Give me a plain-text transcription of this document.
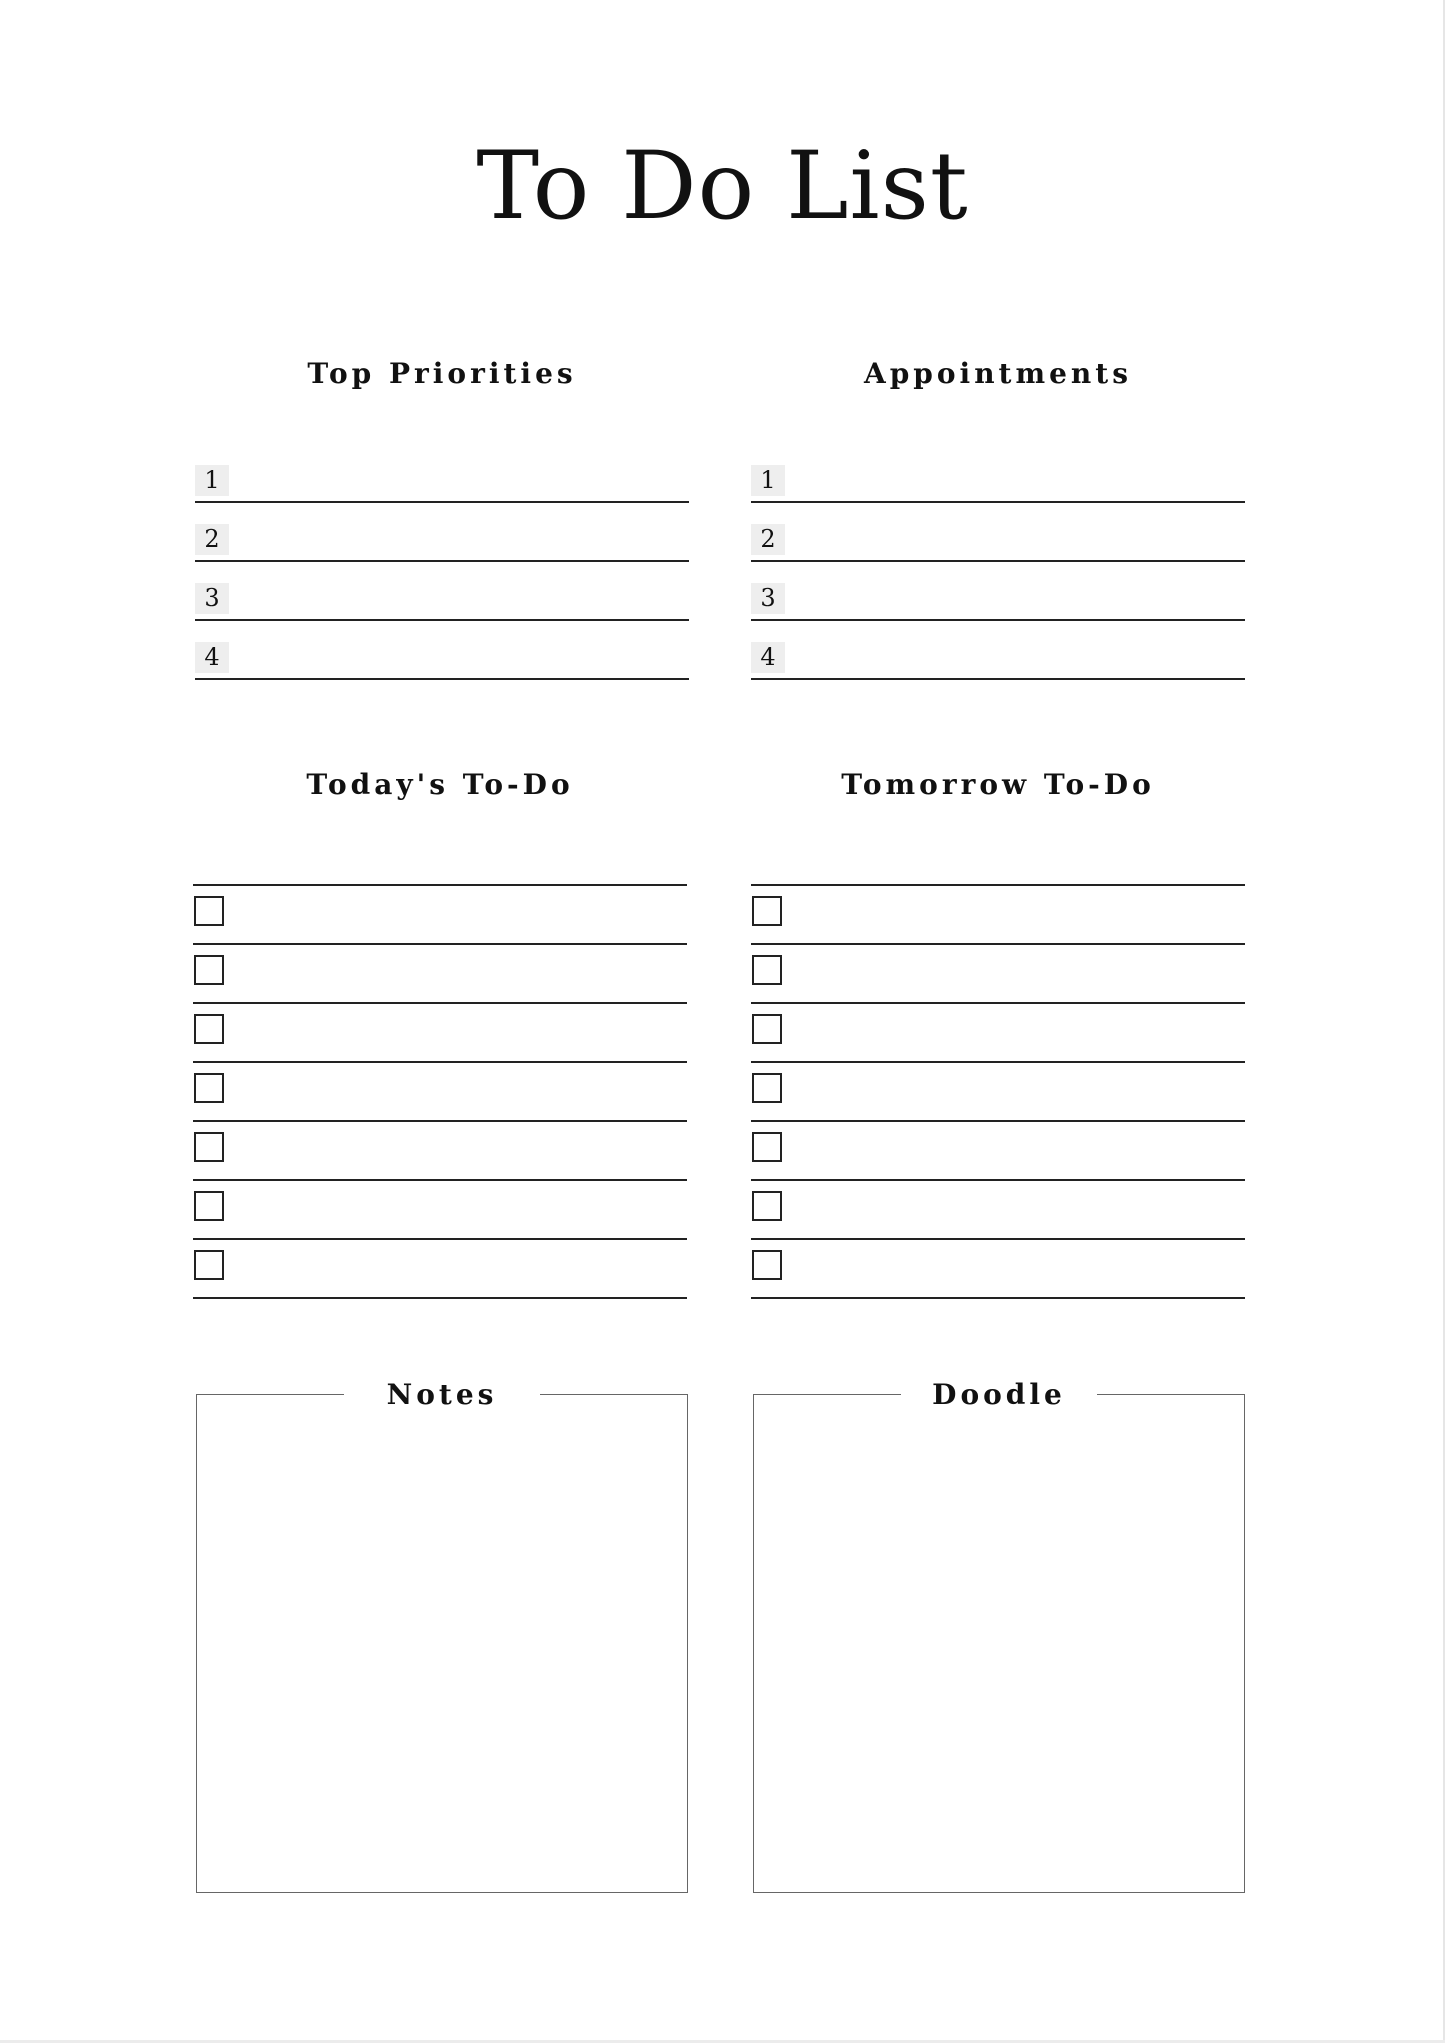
To Do List
Top Priorities
1
2
3
4
Appointments
1
2
3
4
Today's To-Do	Tomorrow To-Do
Notes	Doodle
